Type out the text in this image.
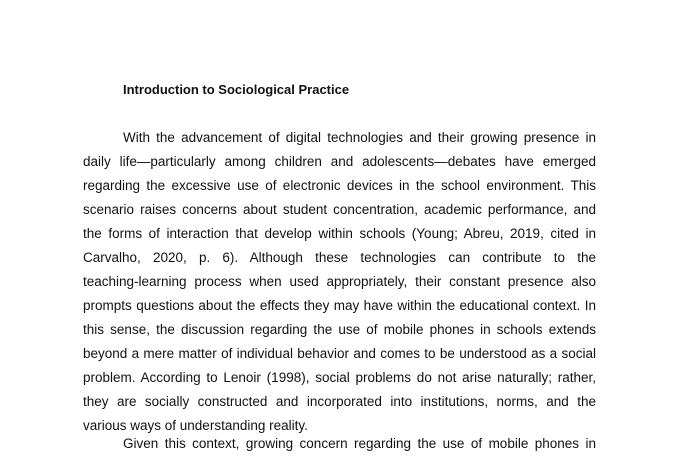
Introduction to Sociological Practice
With the advancement of digital technologies and their growing presence in
daily life—particularly among children and adolescents—debates have emerged
regarding the excessive use of electronic devices in the school environment. This
scenario raises concerns about student concentration, academic performance, and
the forms of interaction that develop within schools (Young; Abreu, 2019, cited in
Carvalho, 2020, p. 6). Although these technologies can contribute to the
teaching-learning process when used appropriately, their constant presence also
prompts questions about the effects they may have within the educational context. In
this sense, the discussion regarding the use of mobile phones in schools extends
beyond a mere matter of individual behavior and comes to be understood as a social
problem. According to Lenoir (1998), social problems do not arise naturally; rather,
they are socially constructed and incorporated into institutions, norms, and the
various ways of understanding reality.
Given this context, growing concern regarding the use of mobile phones in
